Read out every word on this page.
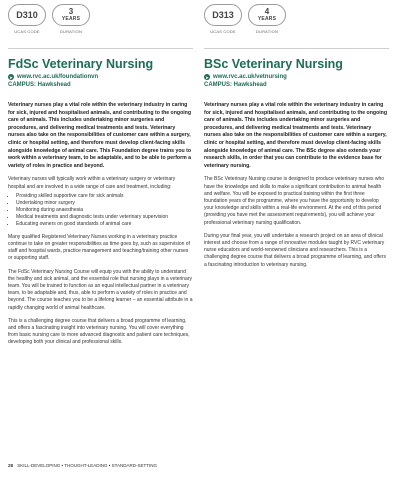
D310
UCAS CODE
3
YEARS
DURATION
FdSc Veterinary Nursing
➤ www.rvc.ac.uk/foundationvn
CAMPUS: Hawkshead
Veterinary nurses play a vital role within the veterinary industry in caring for sick, injured and hospitalised animals, and contributing to the ongoing care of animals. This includes undertaking minor surgeries and procedures, and delivering medical treatments and tests. Veterinary nurses also take on the responsibilities of customer care within a surgery, clinic or hospital setting, and therefore must develop client-facing skills alongside knowledge of animal care. This Foundation degree trains you to work within a veterinary team, to be adaptable, and to be able to perform a variety of roles in practice and beyond.

Veterinary nurses will typically work within a veterinary surgery or veterinary hospital and are involved in a wide range of care and treatment, including:

• Providing skilled supportive care for sick animals
• Undertaking minor surgery
• Monitoring during anaesthesia
• Medical treatments and diagnostic tests under veterinary supervision
• Educating owners on good standards of animal care

Many qualified Registered Veterinary Nurses working in a veterinary practice continue to take on greater responsibilities as time goes by, such as supervision of staff and hospital wards, practice management and teaching/training other nurses or supporting staff.

The FdSc Veterinary Nursing Course will equip you with the ability to understand the healthy and sick animal, and the essential role that nursing plays in a veterinary team. You will be trained to function as an equal intellectual partner in a veterinary team, to be adaptable and, thus, able to perform a variety of roles in practice and beyond. The course teaches you to be a lifelong learner – an essential attribute in a rapidly changing world of animal healthcare.

This is a challenging degree course that delivers a broad programme of learning, and offers a fascinating insight into veterinary nursing. You will cover everything from basic nursing care to more advanced diagnostic and patient care techniques, developing both your clinical and professional skills.

D313
UCAS CODE
4
YEARS
DURATION
BSc Veterinary Nursing
➤ www.rvc.ac.uk/vetnursing
CAMPUS: Hawkshead
Veterinary nurses play a vital role within the veterinary industry in caring for sick, injured and hospitalised animals, and contributing to the ongoing care of animals. This includes undertaking minor surgeries and procedures, and delivering medical treatments and tests. Veterinary nurses also take on the responsibilities of customer care within a surgery, clinic or hospital setting, and therefore must develop client-facing skills alongside knowledge of animal care. The BSc degree also extends your research skills, in order that you can contribute to the evidence base for veterinary nursing.

The BSc Veterinary Nursing course is designed to produce veterinary nurses who have the knowledge and skills to make a significant contribution to animal health and welfare. You will be exposed to practical training within the first three foundation years of the programme, where you have the opportunity to develop your knowledge and skills within a real-life environment. At the end of this period (providing you have met the assessment requirements), you will achieve your professional veterinary nursing qualification.

During your final year, you will undertake a research project on an area of clinical interest and choose from a range of innovative modules taught by RVC veterinary nurse educators and world-renowned clinicians and researchers. This is a challenging degree course that delivers a broad programme of learning, and offers a fascinating introduction to veterinary nursing.

28 SKILL-DEVELOPING • THOUGHT-LEADING • STANDARD-SETTING
